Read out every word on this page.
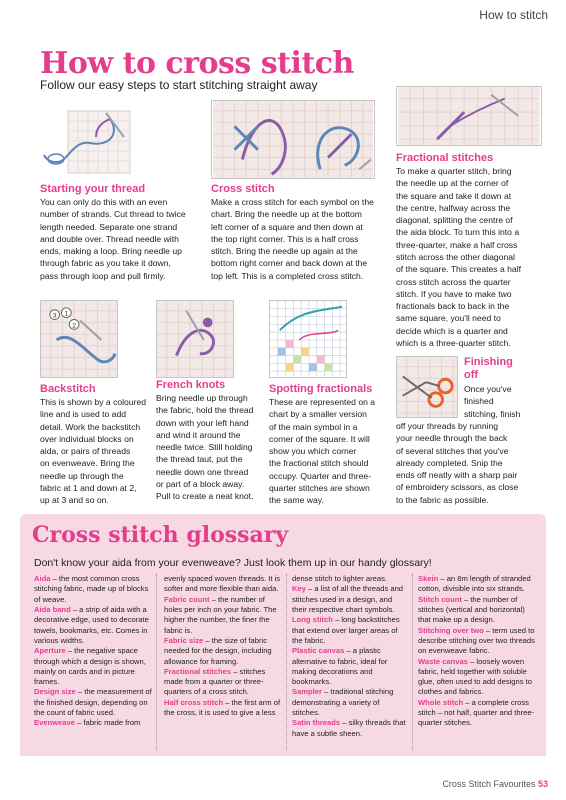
How to stitch
How to cross stitch
Follow our easy steps to start stitching straight away
3 1
2
Starting your thread
You can only do this with an even
number of strands. Cut thread to twice
length needed. Separate one strand
and double over. Thread needle with
ends, making a loop. Bring needle up
through fabric as you take it down,
pass through loop and pull firmly.
Cross stitch
Make a cross stitch for each symbol on the
chart. Bring the needle up at the bottom
left corner of a square and then down at
the top right corner. This is a half cross
stitch. Bring the needle up again at the
bottom right corner and back down at the
top left. This is a completed cross stitch.
Fractional stitches
To make a quarter stitch, bring
the needle up at the corner of
the square and take it down at
the centre, halfway across the
diagonal, splitting the centre of
the aida block. To turn this into a
three-quarter, make a half cross
stitch across the other diagonal
of the square. This creates a half
cross stitch across the quarter
stitch. If you have to make two
fractionals back to back in the
same square, you'll need to
decide which is a quarter and
which is a three-quarter stitch.
Backstitch
This is shown by a coloured
line and is used to add
detail. Work the backstitch
over individual blocks on
aida, or pairs of threads
on evenweave. Bring the
needle up through the
fabric at 1 and down at 2,
up at 3 and so on.
French knots
Bring needle up through
the fabric, hold the thread
down with your left hand
and wind it around the
needle twice. Still holding
the thread taut, put the
needle down one thread
or part of a block away.
Pull to create a neat knot.
Spotting fractionals
These are represented on a
chart by a smaller version
of the main symbol in a
corner of the square. It will
show you which corner
the fractional stitch should
occupy. Quarter and three-
quarter stitches are shown
the same way.
Finishing
off
Once you've
finished
stitching, finish
off your threads by running
your needle through the back
of several stitches that you've
already completed. Snip the
ends off neatly with a sharp pair
of embroidery scissors, as close
to the fabric as possible.
Cross stitch glossary
Don't know your aida from your evenweave? Just look them up in our handy glossary!

Aida – the most common cross stitching fabric, made up of blocks of weave.

Aida band – a strip of aida with a decorative edge, used to decorate towels, bookmarks, etc. Comes in various widths.

Aperture – the negative space through which a design is shown, mainly on cards and in picture frames.

Design size – the measurement of the finished design, depending on the count of fabric used.

Evenweave – fabric made from

evenly spaced woven threads. It is softer and more flexible than aida.

Fabric count – the number of holes per inch on your fabric. The higher the number, the finer the fabric is.

Fabric size – the size of fabric needed for the design, including allowance for framing.

Fractional stitches – stitches made from a quarter or three-quarters of a cross stitch.

Half cross stitch – the first arm of the cross, it is used to give a less

dense stitch to lighter areas.

Key – a list of all the threads and stitches used in a design, and their respective chart symbols.

Long stitch – long backstitches that extend over larger areas of the fabric.

Plastic canvas – a plastic alternative to fabric, ideal for making decorations and bookmarks.

Sampler – traditional stitching demonstrating a variety of stitches.

Satin threads – silky threads that have a subtle sheen.

Skein – an 8m length of stranded cotton, divisible into six strands.

Stitch count – the number of stitches (vertical and horizontal) that make up a design.

Stitching over two – term used to describe stitching over two threads on evenweave fabric.

Waste canvas – loosely woven fabric, held together with soluble glue, often used to add designs to clothes and fabrics.

Whole stitch – a complete cross stitch – not half, quarter and three-quarter stitches.

Cross Stitch Favourites 53
